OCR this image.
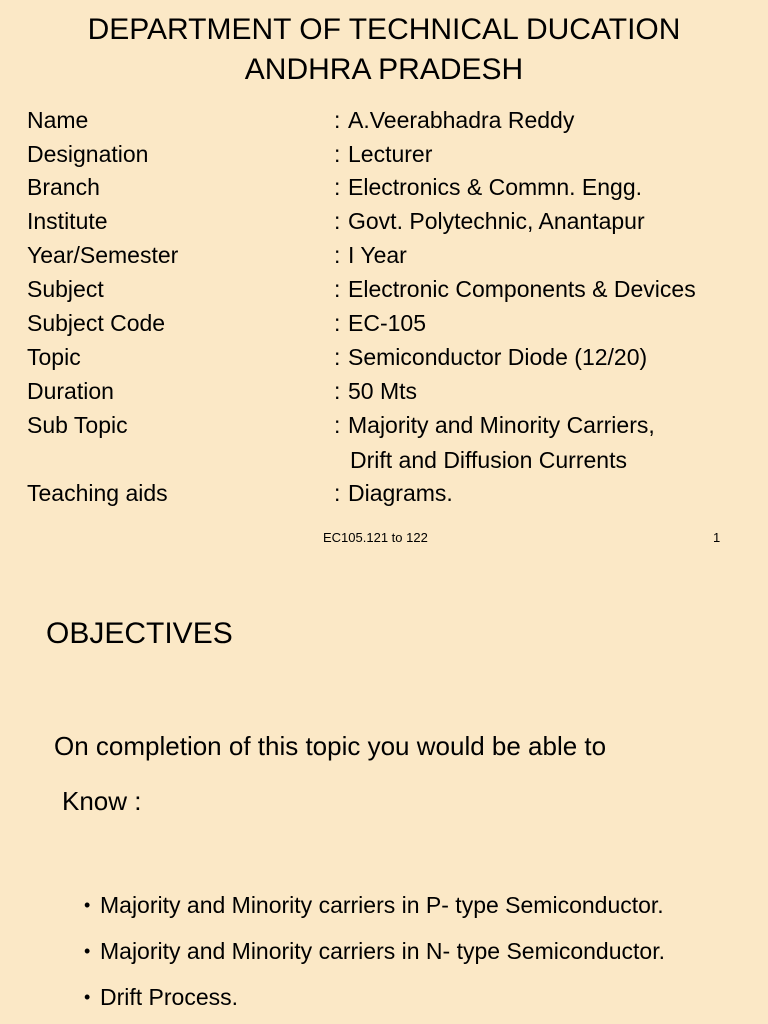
DEPARTMENT OF TECHNICAL DUCATION
ANDHRA PRADESH
Name	: A.Veerabhadra Reddy
Designation	: Lecturer
Branch	: Electronics & Commn. Engg.
Institute	: Govt. Polytechnic, Anantapur
Year/Semester	: I Year
Subject	: Electronic Components & Devices
Subject Code	: EC-105
Topic	: Semiconductor Diode (12/20)
Duration	: 50 Mts
Sub Topic	: Majority and Minority Carriers,
Drift and Diffusion Currents
Teaching aids	: Diagrams.
EC105.121 to 122	1
OBJECTIVES
On completion of this topic you would be able to
Know :
• Majority and Minority carriers in P- type Semiconductor.
• Majority and Minority carriers in N- type Semiconductor.
• Drift Process.
